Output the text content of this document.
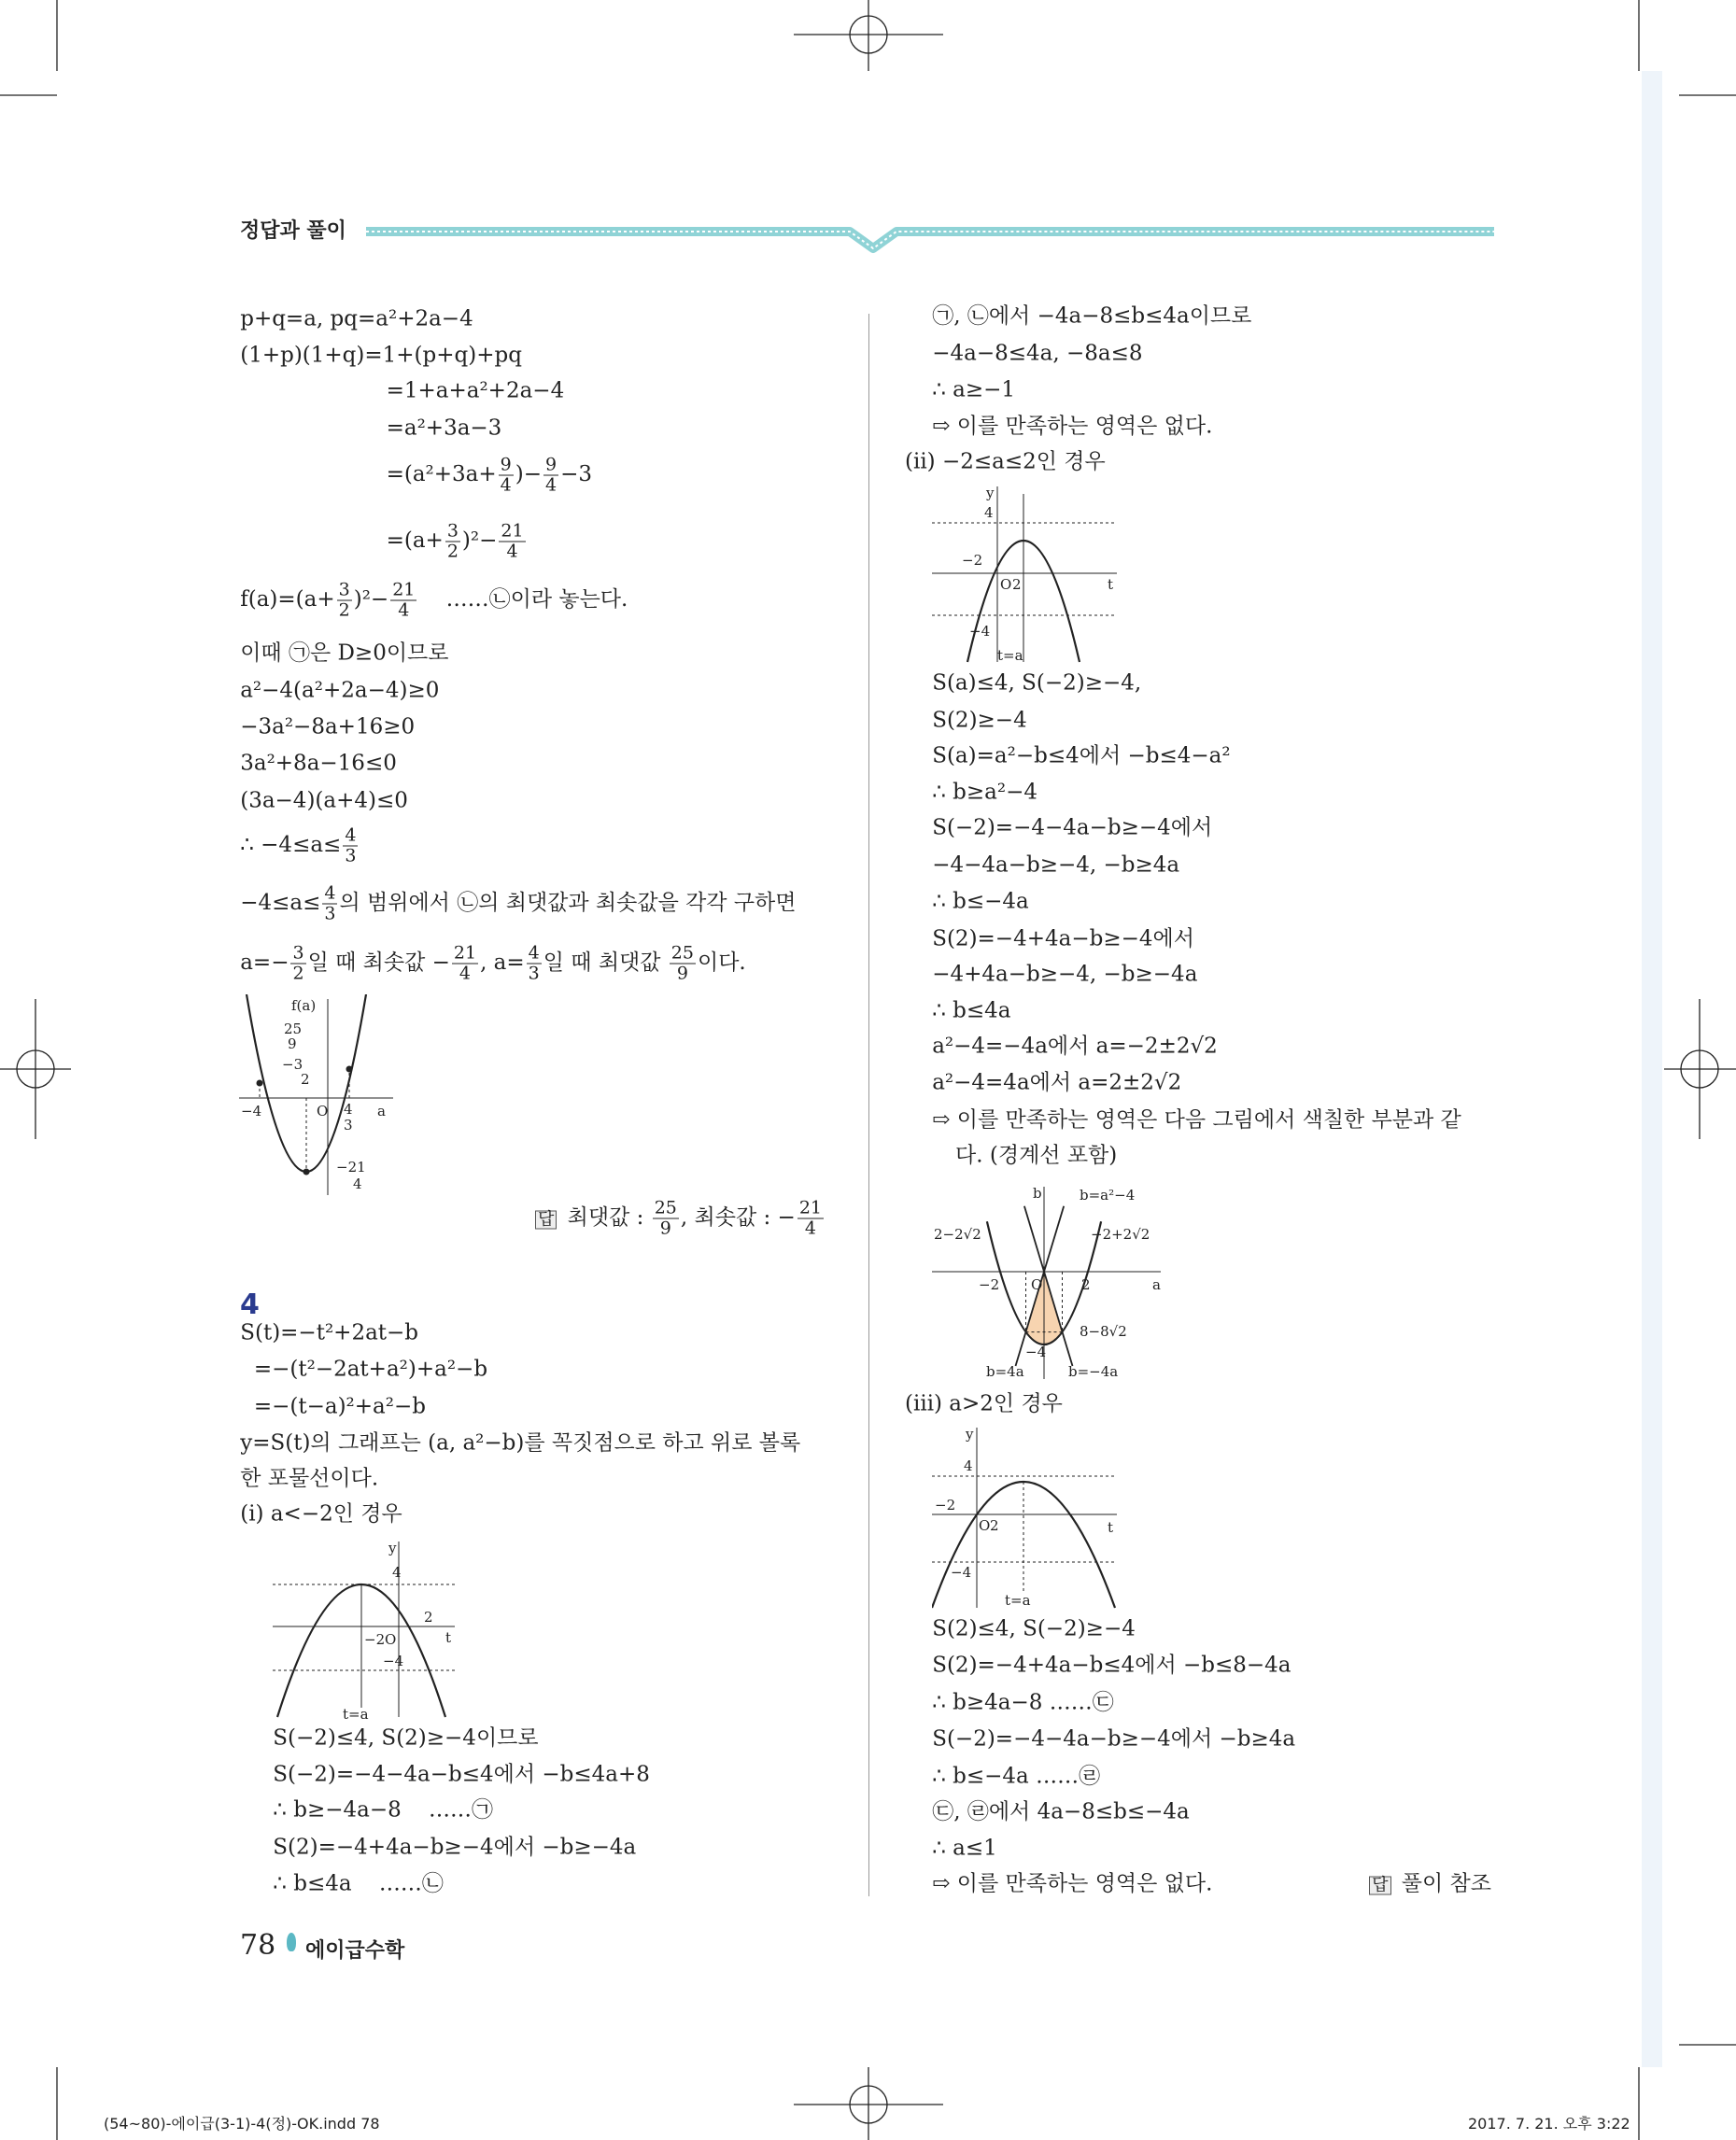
정답과 풀이
4
p+q=a, pq=a²+2a−4
(1+p)(1+q)=1+(p+q)+pq
=1+a+a²+2a−4
=a²+3a−3
$=(a^2+3a+ \frac{9}{4}$ )− $\frac{9}{4} -3$
$=(a+ \frac{3}{2} )^2- \frac{21}{4}$
$f(a)=(a+ \frac{3}{2} )^2- \frac{21}{4}$ ……㉡이라 놓는다.
이때 ㉠은 D≥0이므로
a²−4(a²+2a−4)≥0
−3a²−8a+16≥0
3a²+8a−16≤0
(3a−4)(a+4)≤0
∴ $-4\le a\le \frac{4}{3}$
$-4\le a\le \frac{4}{3}$ 의 범위에서 ㉡의 최댓값과 최솟값을 각각 구하면
$a=- \frac{3}{2}$ 일 때 최솟값 − $\frac{21}{4}$ , $a= \frac{4}{3}$ 일 때 최댓값 $\frac{25}{9}$ 이다.
답 최댓값 : $\frac{25}{9}$ , 최솟값 : − $\frac{21}{4}$
S(t)=−t²+2at−b
=−(t²−2at+a²)+a²−b
=−(t−a)²+a²−b
y=S(t)의 그래프는 (a, a²−b)를 꼭짓점으로 하고 위로 볼록
한 포물선이다.
(ⅰ) a<−2인 경우
S(−2)≤4, S(2)≥−4이므로
S(−2)=−4−4a−b≤4에서 −b≤4a+8
∴ b≥−4a−8    ……㉠
S(2)=−4+4a−b≥−4에서 −b≥−4a
∴ b≤4a    ……㉡
㉠, ㉡에서 −4a−8≤b≤4a이므로
−4a−8≤4a, −8a≤8
∴ a≥−1
⇨ 이를 만족하는 영역은 없다.
(ⅱ) −2≤a≤2인 경우
S(a)≤4, S(−2)≥−4,
S(2)≥−4
S(a)=a²−b≤4에서 −b≤4−a²
∴ b≥a²−4
S(−2)=−4−4a−b≥−4에서
−4−4a−b≥−4, −b≥4a
∴ b≤−4a
S(2)=−4+4a−b≥−4에서
−4+4a−b≥−4, −b≥−4a
∴ b≤4a
a²−4=−4a에서 a=−2±2√2
a²−4=4a에서 a=2±2√2
⇨ 이를 만족하는 영역은 다음 그림에서 색칠한 부분과 같
다. (경계선 포함)
(ⅲ) a>2인 경우
S(2)≤4, S(−2)≥−4
S(2)=−4+4a−b≤4에서 −b≤8−4a
∴ b≥4a−8 ……㉢
S(−2)=−4−4a−b≥−4에서 −b≥4a
∴ b≤−4a ……㉣
㉢, ㉣에서 4a−8≤b≤−4a
∴ a≤1
⇨ 이를 만족하는 영역은 없다.	답 풀이 참조
f(a)
25
9
−3
2
−4	O 4
3
a
−21
4
y
4
2
t
−2 O
−4
t=a
y
4
−2
O 2	t
−4
t=a
b	b=a²−4
2−2√2	−2+2√2
−2 O	2	a
8−8√2
−4
b=4a	b=−4a
y
4
−2
O 2	t
−4
t=a
78 에이급수학
(54~80)-에이급(3-1)-4(정)-OK.indd 78	2017. 7. 21. 오후 3:22
